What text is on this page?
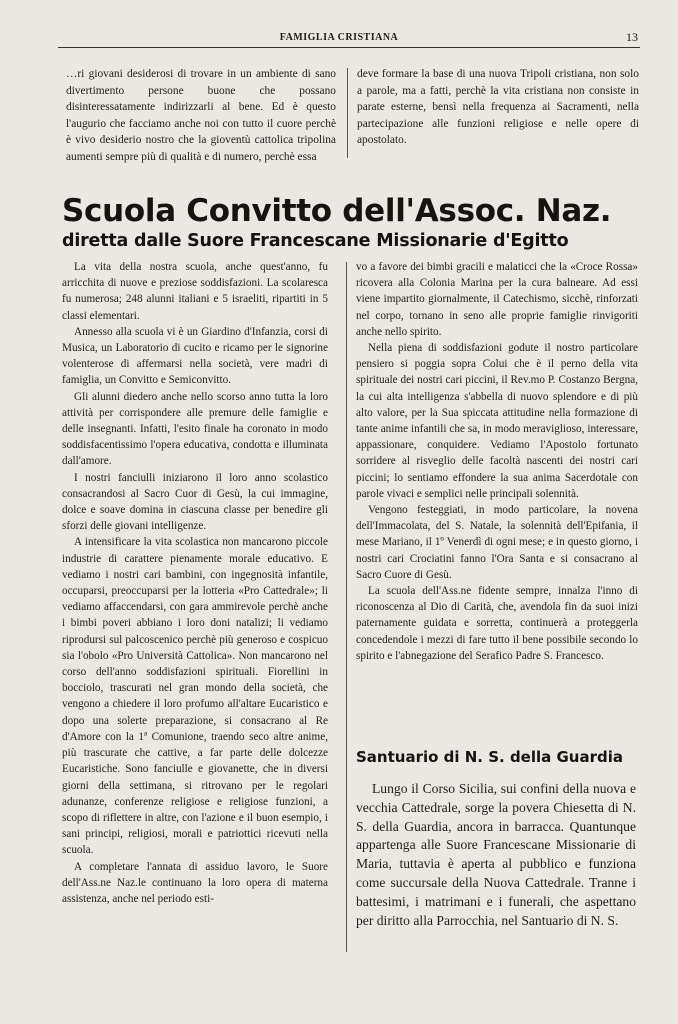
FAMIGLIA CRISTIANA	13

…ri giovani desiderosi di trovare in un ambiente di sano divertimento persone buone che possano disinteressatamente indirizzarli al bene. Ed è questo l'augurio che facciamo anche noi con tutto il cuore perchè è vivo desiderio nostro che la gioventù cattolica tripolina aumenti sempre più di qualità e di numero, perchè essa

deve formare la base di una nuova Tripoli cristiana, non solo a parole, ma a fatti, perchè la vita cristiana non consiste in parate esterne, bensì nella frequenza ai Sacramenti, nella partecipazione alle funzioni religiose e nelle opere di apostolato.

Scuola Convitto dell'Assoc. Naz.
diretta dalle Suore Francescane Missionarie d'Egitto

La vita della nostra scuola, anche quest'anno, fu arricchita di nuove e preziose soddisfazioni. La scolaresca fu numerosa; 248 alunni italiani e 5 israeliti, ripartiti in 5 classi elementari.

Annesso alla scuola vi è un Giardino d'Infanzia, corsi di Musica, un Laboratorio di cucito e ricamo per le signorine volenterose di affermarsi nella società, vere madri di famiglia, un Convitto e Semiconvitto.

Gli alunni diedero anche nello scorso anno tutta la loro attività per corrispondere alle premure delle famiglie e delle insegnanti. Infatti, l'esito finale ha coronato in modo soddisfacentissimo l'opera educativa, condotta e illuminata dall'amore.

I nostri fanciulli iniziarono il loro anno scolastico consacrandosi al Sacro Cuor di Gesù, la cui immagine, dolce e soave domina in ciascuna classe per benedire gli sforzi delle giovani intelligenze.

A intensificare la vita scolastica non mancarono piccole industrie di carattere pienamente morale educativo. E vediamo i nostri cari bambini, con ingegnosità infantile, occuparsi, preoccuparsi per la lotteria «Pro Cattedrale»; li vediamo affaccendarsi, con gara ammirevole perchè anche i bimbi poveri abbiano i loro doni natalizi; li vediamo riprodursi sul palcoscenico perchè più generoso e cospicuo sia l'obolo «Pro Università Cattolica». Non mancarono nel corso dell'anno soddisfazioni spirituali. Fiorellini in bocciolo, trascurati nel gran mondo della società, che vengono a chiedere il loro profumo all'altare Eucaristico e dopo una solerte preparazione, si consacrano al Re d'Amore con la 1ª Comunione, traendo seco altre anime, più trascurate che cattive, a far parte delle dolcezze Eucaristiche. Sono fanciulle e giovanette, che in diversi giorni della settimana, si ritrovano per le regolari adunanze, conferenze religiose e religiose funzioni, a scopo di riflettere in altre, con l'azione e il buon esempio, i sani principi, religiosi, morali e patriottici ricevuti nella scuola.

A completare l'annata di assiduo lavoro, le Suore dell'Ass.ne Naz.le continuano la loro opera di materna assistenza, anche nel periodo esti-

vo a favore dei bimbi gracili e malaticci che la «Croce Rossa» ricovera alla Colonia Marina per la cura balneare. Ad essi viene impartito giornalmente, il Catechismo, sicchè, rinforzati nel corpo, tornano in seno alle proprie famiglie rinvigoriti anche nello spirito.

Nella piena di soddisfazioni godute il nostro particolare pensiero si poggia sopra Colui che è il perno della vita spirituale dei nostri cari piccini, il Rev.mo P. Costanzo Bergna, la cui alta intelligenza s'abbella di nuovo splendore e di più alto valore, per la Sua spiccata attitudine nella formazione di tante anime infantili che sa, in modo meraviglioso, interessare, appassionare, conquidere. Vediamo l'Apostolo fortunato sorridere al risveglio delle facoltà nascenti dei nostri cari piccini; lo sentiamo effondere la sua anima Sacerdotale con parole vivaci e semplici nelle principali solennità.

Vengono festeggiati, in modo particolare, la novena dell'Immacolata, del S. Natale, la solennità dell'Epifania, il mese Mariano, il 1º Venerdì di ogni mese; e in questo giorno, i nostri cari Crociatini fanno l'Ora Santa e si consacrano al Sacro Cuore di Gesù.

La scuola dell'Ass.ne fidente sempre, innalza l'inno di riconoscenza al Dio di Carità, che, avendola fin da suoi inizi paternamente guidata e sorretta, continuerà a proteggerla concedendole i mezzi di fare tutto il bene possibile secondo lo spirito e l'abnegazione del Serafico Padre S. Francesco.

Santuario di N. S. della Guardia

Lungo il Corso Sicilia, sui confini della nuova e vecchia Cattedrale, sorge la povera Chiesetta di N. S. della Guardia, ancora in barracca. Quantunque appartenga alle Suore Francescane Missionarie di Maria, tuttavia è aperta al pubblico e funziona come succursale della Nuova Cattedrale. Tranne i battesimi, i matrimani e i funerali, che aspettano per diritto alla Parrocchia, nel Santuario di N. S.
